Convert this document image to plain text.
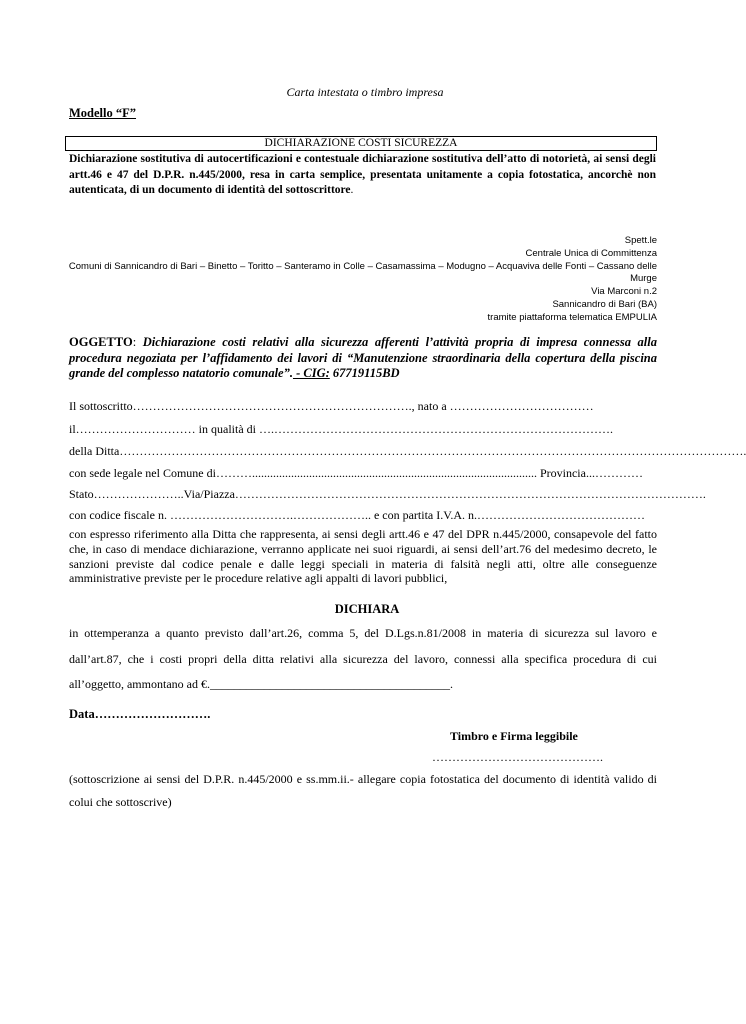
Carta intestata o timbro impresa
Modello “F”
DICHIARAZIONE COSTI SICUREZZA
Dichiarazione sostitutiva di autocertificazioni e contestuale dichiarazione sostitutiva dell’atto di notorietà, ai sensi degli artt.46 e 47 del D.P.R. n.445/2000, resa in carta semplice, presentata unitamente a copia fotostatica, ancorchè non autenticata, di un documento di identità del sottoscrittore.
Spett.le
Centrale Unica di Committenza
Comuni di Sannicandro di Bari – Binetto – Toritto – Santeramo in Colle – Casamassima – Modugno – Acquaviva delle Fonti – Cassano delle Murge
Via Marconi n.2
Sannicandro di Bari (BA)
tramite piattaforma telematica EMPULIA
OGGETTO: Dichiarazione costi relativi alla sicurezza afferenti l’attività propria di impresa connessa alla procedura negoziata per l’affidamento dei lavori di “Manutenzione straordinaria della copertura della piscina grande del complesso natatorio comunale”. - CIG: 67719115BD
Il sottoscritto……………………………………………………………., nato a ………………………………
il………………………… in qualità di ….………………………………………………………………………….
della Ditta………………………………………………………………………………………………………………………………………….
con sede legale nel Comune di………............................................................................................... Provincia...…………
Stato…………………..Via/Piazza……………………………………………………………………………………………………….
con codice fiscale n. ………………………….……………….. e con partita I.V.A. n.……………………………………
con espresso riferimento alla Ditta che rappresenta, ai sensi degli artt.46 e 47 del DPR n.445/2000, consapevole del fatto che, in caso di mendace dichiarazione, verranno applicate nei suoi riguardi, ai sensi dell’art.76 del medesimo decreto, le sanzioni previste dal codice penale e dalle leggi speciali in materia di falsità negli atti, oltre alle conseguenze amministrative previste per le procedure relative agli appalti di lavori pubblici,
DICHIARA
in ottemperanza a quanto previsto dall’art.26, comma 5, del D.Lgs.n.81/2008 in materia di sicurezza sul lavoro e dall’art.87, che i costi propri della ditta relativi alla sicurezza del lavoro, connessi alla specifica procedura di cui all’oggetto, ammontano ad €.________________________________________.
Data……………………….
Timbro e Firma leggibile
…………………………………….
(sottoscrizione ai sensi del D.P.R. n.445/2000 e ss.mm.ii.- allegare copia fotostatica del documento di identità valido di colui che sottoscrive)
